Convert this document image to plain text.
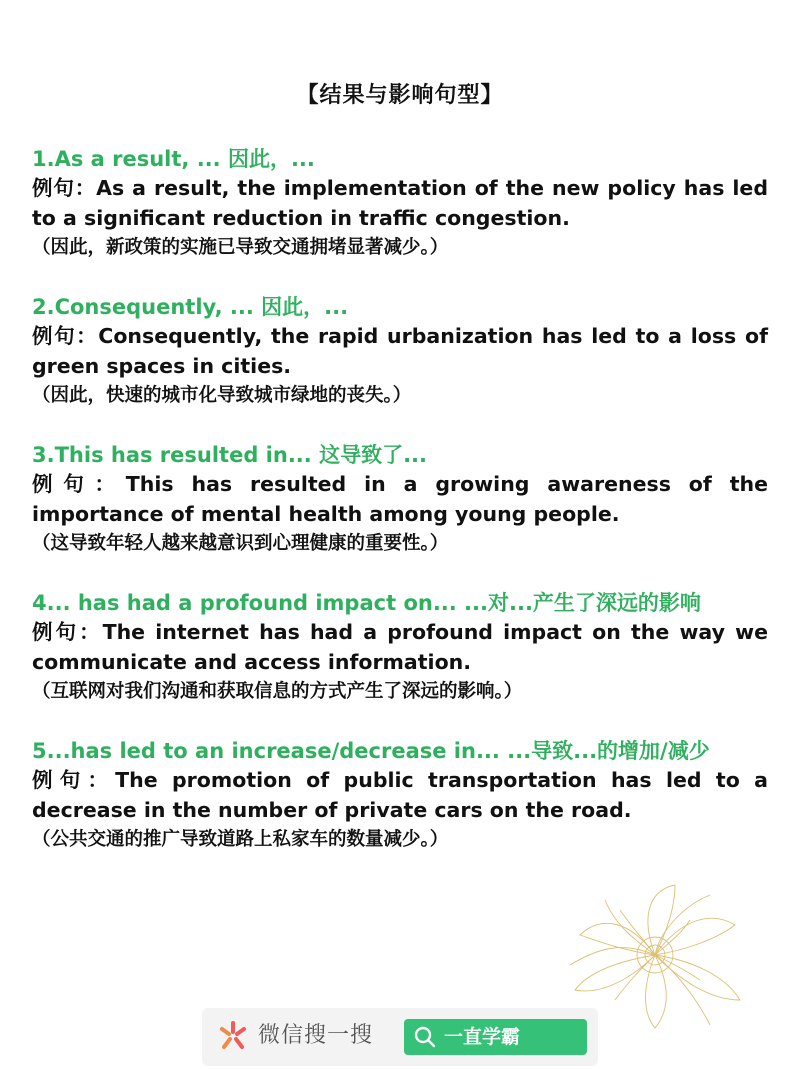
【结果与影响句型】
1.As a result, ... 因此，...
例句：As a result, the implementation of the new policy has led to a significant reduction in traffic congestion.
（因此，新政策的实施已导致交通拥堵显著减少。）
2.Consequently, ... 因此，...
例句：Consequently, the rapid urbanization has led to a loss of green spaces in cities.
（因此，快速的城市化导致城市绿地的丧失。）
3.This has resulted in... 这导致了...
例句：This has resulted in a growing awareness of the importance of mental health among young people.
（这导致年轻人越来越意识到心理健康的重要性。）
4... has had a profound impact on... ...对...产生了深远的影响
例句：The internet has had a profound impact on the way we communicate and access information.
（互联网对我们沟通和获取信息的方式产生了深远的影响。）
5...has led to an increase/decrease in... ...导致...的增加/减少
例句：The promotion of public transportation has led to a decrease in the number of private cars on the road.
（公共交通的推广导致道路上私家车的数量减少。）
微信搜一搜	一直学霸
